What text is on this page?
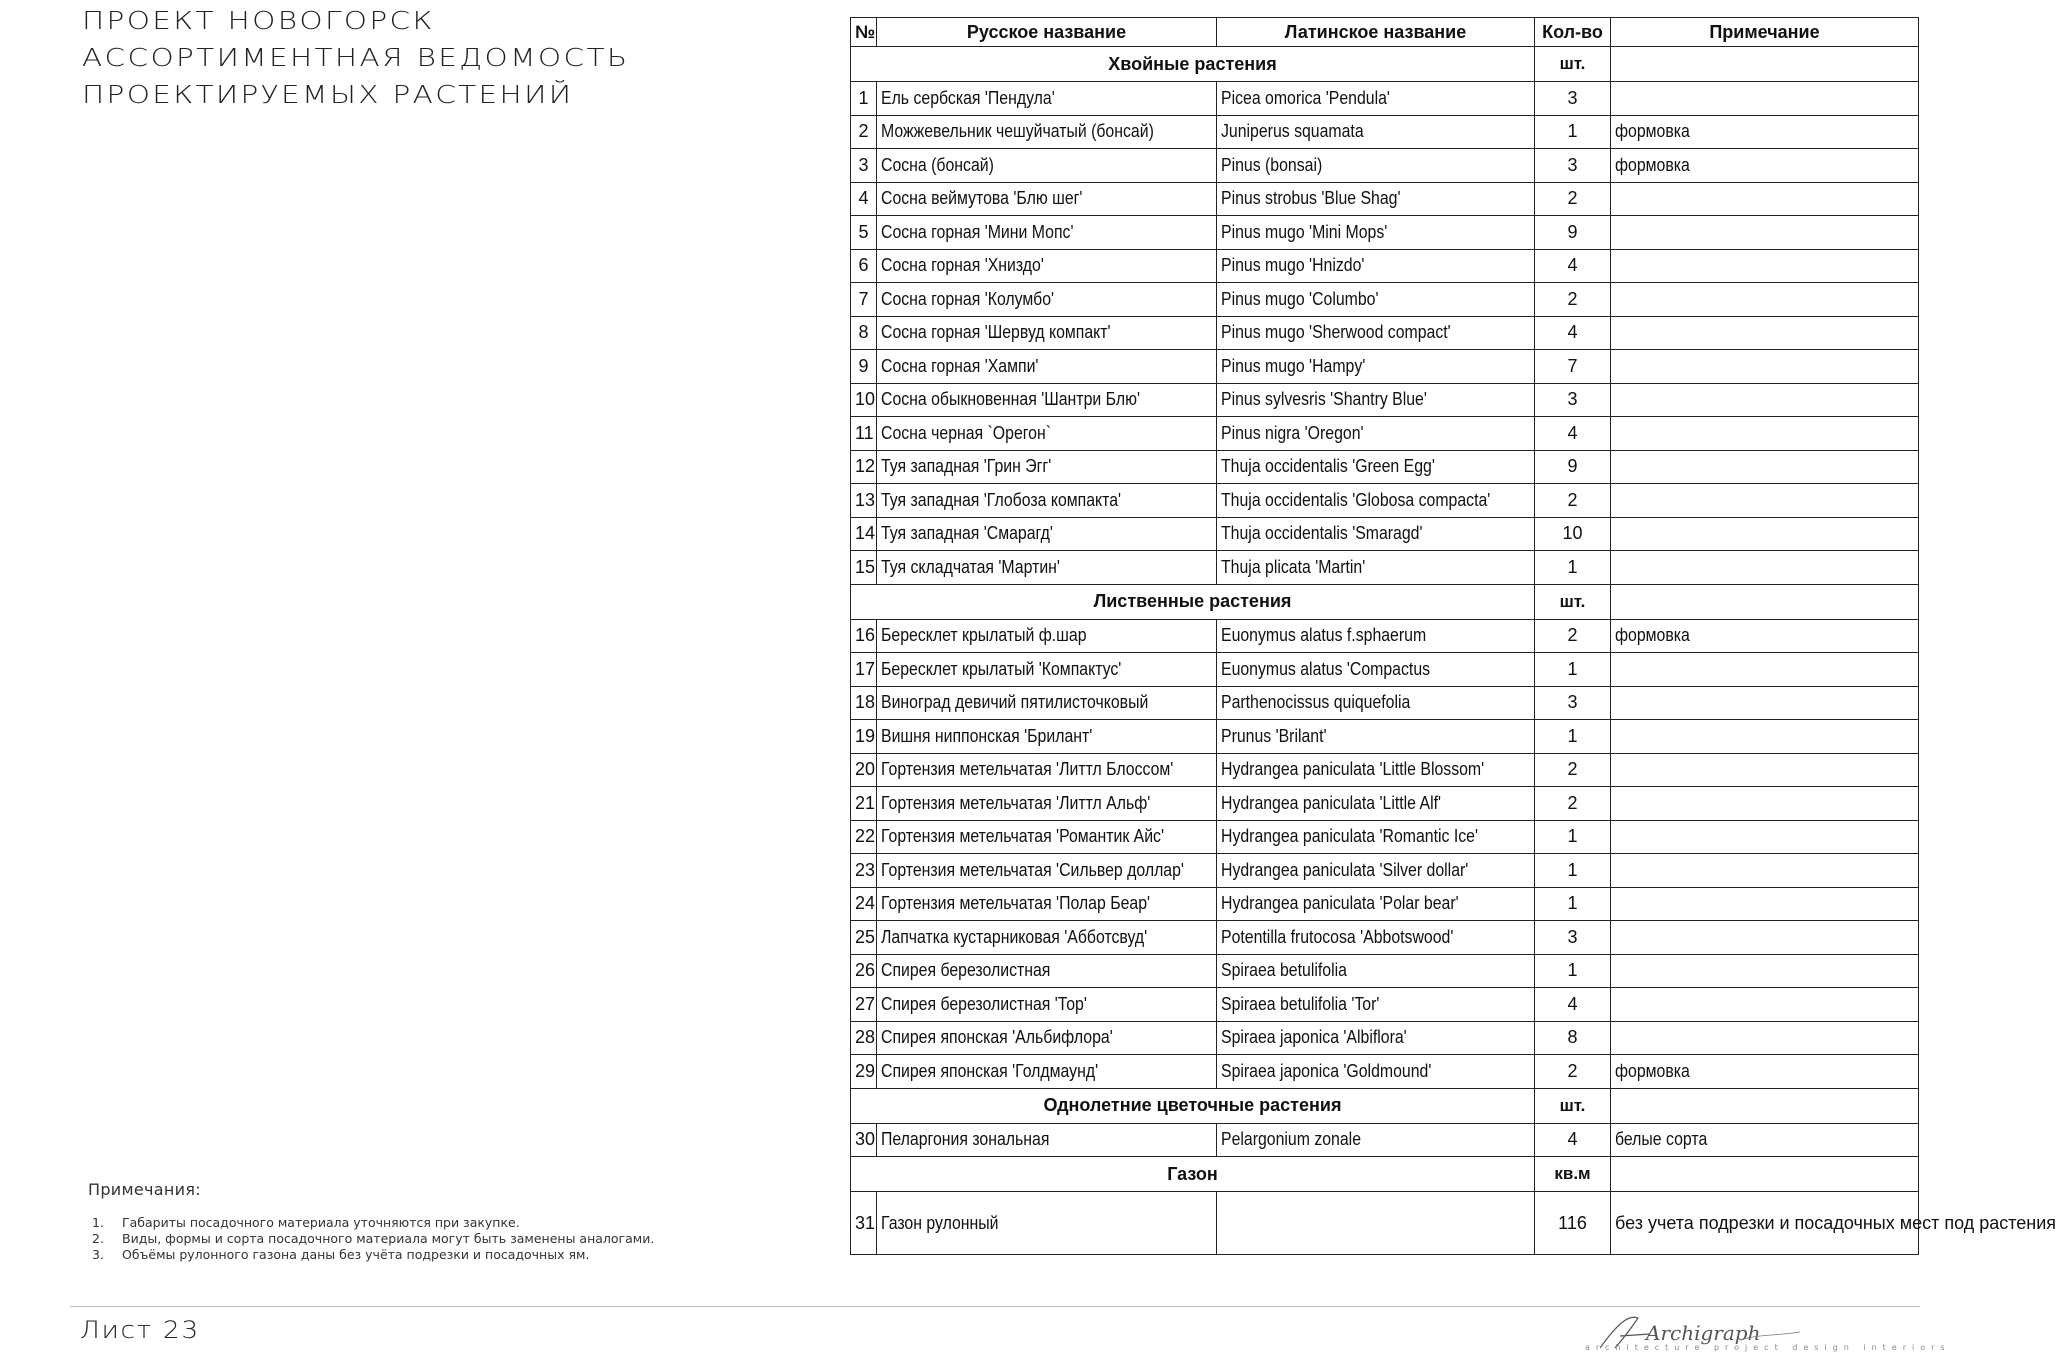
ПРОЕКТ НОВОГОРСК
АССОРТИМЕНТНАЯ ВЕДОМОСТЬ
ПРОЕКТИРУЕМЫХ РАСТЕНИЙ
№	Русское название	Латинское название	Кол-во	Примечание
Хвойные растения			шт.	
1	Ель сербская 'Пендула'	Picea omorica 'Pendula'	3	
2	Можжевельник чешуйчатый (бонсай)	Juniperus squamata	1	формовка
3	Сосна (бонсай)	Pinus (bonsai)	3	формовка
4	Сосна веймутова 'Блю шег'	Pinus strobus 'Blue Shag'	2	
5	Сосна горная 'Мини Мопс'	Pinus mugo 'Mini Mops'	9	
6	Сосна горная 'Хниздо'	Pinus mugo 'Hnizdo'	4	
7	Сосна горная 'Колумбо'	Pinus mugo 'Columbo'	2	
8	Сосна горная 'Шервуд компакт'	Pinus mugo 'Sherwood compact'	4	
9	Сосна горная 'Хампи'	Pinus mugo 'Hampy'	7	
10	Сосна обыкновенная 'Шантри Блю'	Pinus sylvesris 'Shantry Blue'	3	
11	Сосна черная `Орегон`	Pinus nigra 'Oregon'	4	
12	Туя западная 'Грин Эгг'	Thuja occidentalis 'Green Egg'	9	
13	Туя западная 'Глобоза компакта'	Thuja occidentalis 'Globosa compacta'	2	
14	Туя западная 'Смарагд'	Thuja occidentalis 'Smaragd'	10	
15	Туя складчатая 'Мартин'	Thuja plicata 'Martin'	1	
Лиственные растения			шт.	
16	Бересклет крылатый ф.шар	Euonymus alatus f.sphaerum	2	формовка
17	Бересклет крылатый 'Компактус'	Euonymus alatus 'Compactus	1	
18	Виноград девичий пятилисточковый	Parthenocissus quiquefolia	3	
19	Вишня ниппонская 'Брилант'	Prunus 'Brilant'	1	
20	Гортензия метельчатая 'Литтл Блоссом'	Hydrangea paniculata 'Little Blossom'	2	
21	Гортензия метельчатая 'Литтл Альф'	Hydrangea paniculata 'Little Alf'	2	
22	Гортензия метельчатая 'Романтик Айс'	Hydrangea paniculata 'Romantic Ice'	1	
23	Гортензия метельчатая 'Сильвер доллар'	Hydrangea paniculata 'Silver dollar'	1	
24	Гортензия метельчатая 'Полар Беар'	Hydrangea paniculata 'Polar bear'	1	
25	Лапчатка кустарниковая 'Абботсвуд'	Potentilla frutocosa 'Abbotswood'	3	
26	Спирея березолистная	Spiraea betulifolia	1	
27	Спирея березолистная 'Тор'	Spiraea betulifolia 'Tor'	4	
28	Спирея японская 'Альбифлора'	Spiraea japonica 'Albiflora'	8	
29	Спирея японская 'Голдмаунд'	Spiraea japonica 'Goldmound'	2	формовка
Однолетние цветочные растения			шт.	
30	Пеларгония зональная	Pelargonium zonale	4	белые сорта
Газон			кв.м	
31	Газон рулонный		116	без учета подрезки и посадочных мест под растения
Примечания:
1.	Габариты посадочного материала уточняются при закупке.
2.	Виды, формы и сорта посадочного материала могут быть заменены аналогами.
3.	Объёмы рулонного газона даны без учёта подрезки и посадочных ям.
Лист 23	Archigraph
architecture project design interiors
